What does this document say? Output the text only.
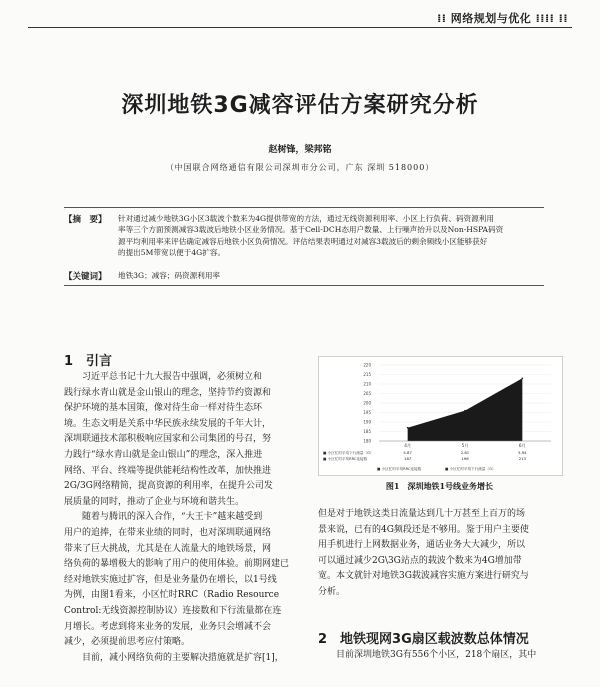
⁞⁞ 网络规划与优化 ⁞⁞⁞⁞ ⁞⁞
深圳地铁3G减容评估方案研究分析
赵树锋，梁邦铭
（中国联合网络通信有限公司深圳市分公司，广东 深圳 518000）
【摘　要】 针对通过减少地铁3G小区3载波个数来为4G提供带宽的方法，通过无线资源利用率、小区上行负荷、码资源利用
率等三个方面预测减容3载波后地铁小区业务情况。基于Cell-DCH态用户数量、上行噪声抬升以及Non-HSPA码资
源平均利用率来评估确定减容后地铁小区负荷情况。评估结果表明通过对减容3载波后的剩余频线小区能够获好
的提出5M带宽以便于4G扩容。
【关键词】 地铁3G；减容；码资源利用率
1　引言
　　习近平总书记十九大报告中强调，必须树立和
践行绿水青山就是金山银山的理念，坚持节约资源和
保护环境的基本国策，像对待生命一样对待生态环
境。生态文明是关系中华民族永续发展的千年大计，
深圳联通技术部积极响应国家和公司集团的号召，努
力践行“绿水青山就是金山银山”的理念，深入推进
网络、平台、终端等提供能耗结构性改革，加快推进
2G/3G网络精简，提高资源的利用率，在提升公司发
展质量的同时，推动了企业与环境和谐共生。
　　随着与腾讯的深入合作，“大王卡”越来越受到
用户的追捧，在带来业绩的同时，也对深圳联通网络
带来了巨大挑战，尤其是在人流量大的地铁场景，网
络负荷的暴增极大的影响了用户的使用体验。前期网建已
经对地铁实施过扩容，但是业务量仍在增长，以1号线
为例，由图1看来，小区忙时RRC（Radio Resource
Control:无线资源控制协议）连接数和下行流量都在连
月增长。考虑到将来业务的发展，业务只会增减不会
减少，必须提前思考应付策略。
　　目前，减小网络负荷的主要解决措施就是扩容[1]，
220
215
210
205
200
195
190
185
180
4月	5月	6月
■ 小区忙时平均下行流量（G）	4.87	2.81	5.94
■ 小区忙时平均RRC连接数	187	196	213
■ 小区忙时平均RRC连接数	■ 小区忙时平均下行流量（G）
图1　深圳地铁1号线业务增长
但是对于地铁这类日流量达到几十万甚至上百万的场
景来说，已有的4G频段还是不够用。鉴于用户主要使
用手机进行上网数据业务，通话业务大大减少，所以
可以通过减少2G\3G站点的载波个数来为4G增加带
宽。本文就针对地铁3G载波减容实施方案进行研究与
分析。
2　地铁现网3G扇区载波数总体情况
　　目前深圳地铁3G有556个小区，218个扇区，其中
